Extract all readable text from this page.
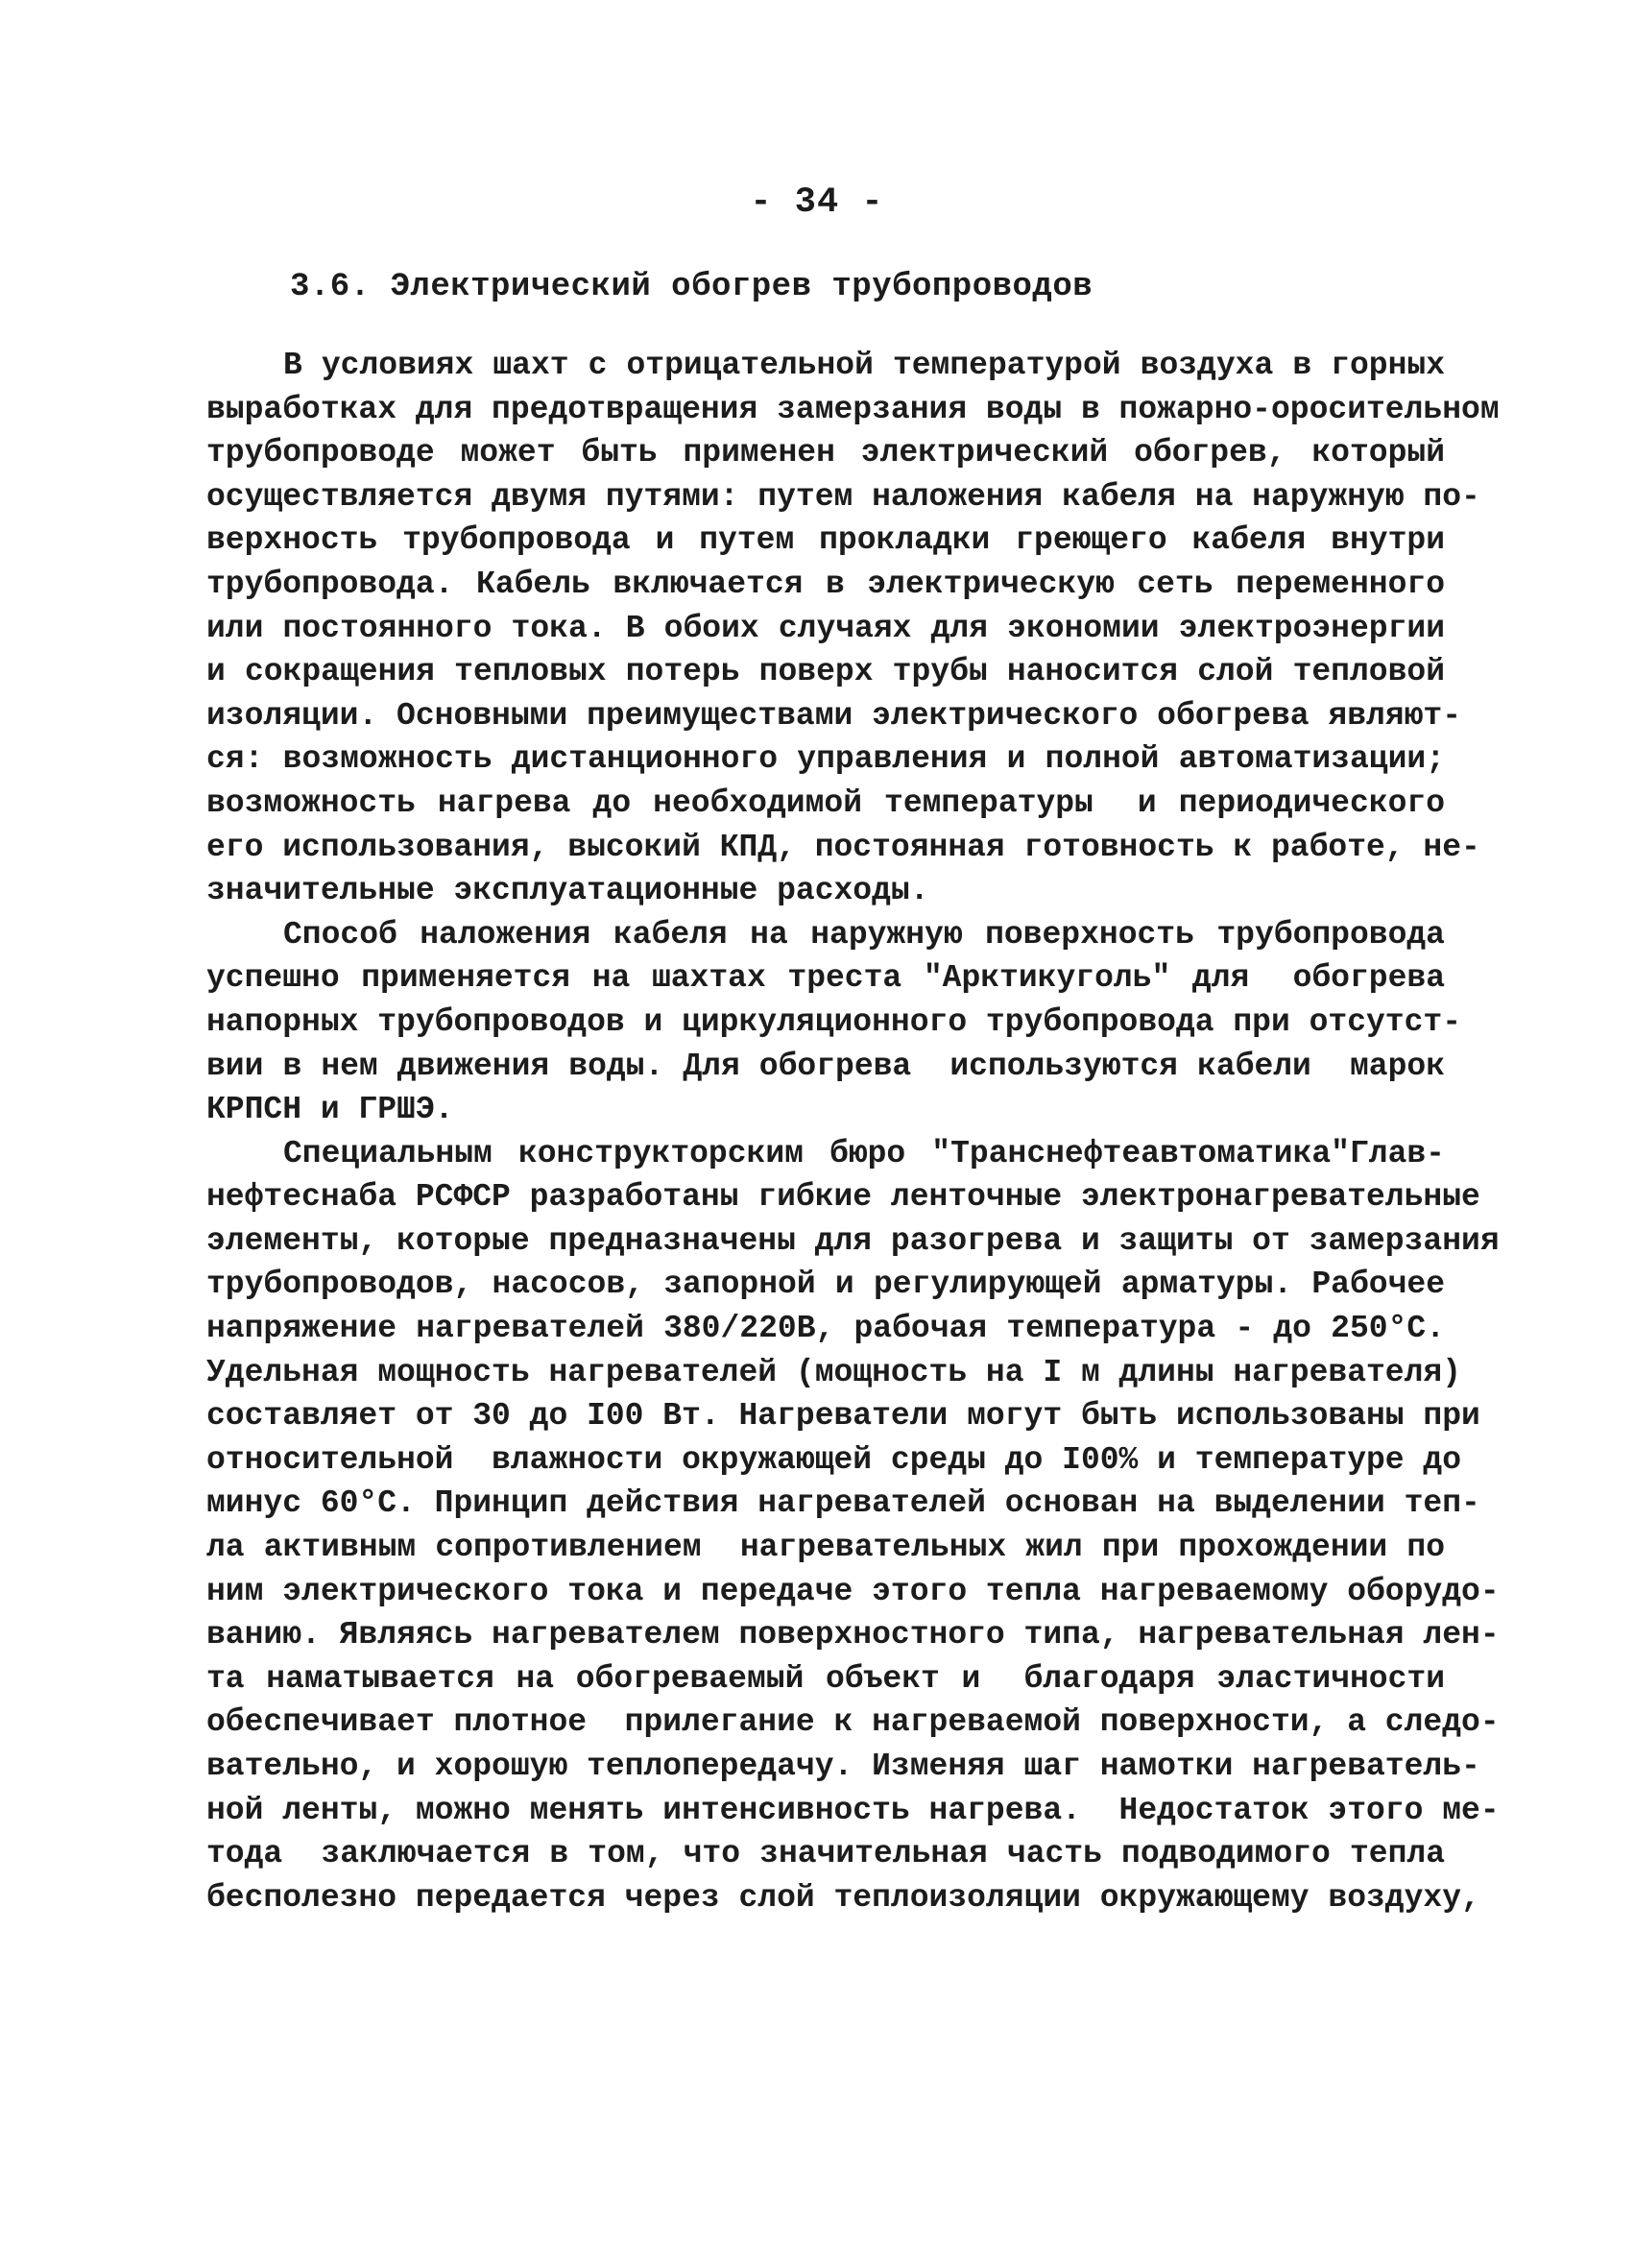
- 34 -
3.6. Электрический обогрев трубопроводов
В условиях шахт с отрицательной температурой воздуха в горных
выработках для предотвращения замерзания воды в пожарно-оросительном
трубопроводе может быть применен электрический обогрев, который
осуществляется двумя путями: путем наложения кабеля на наружную по-
верхность трубопровода и путем прокладки греющего кабеля внутри
трубопровода. Кабель включается в электрическую сеть переменного
или постоянного тока. В обоих случаях для экономии электроэнергии
и сокращения тепловых потерь поверх трубы наносится слой тепловой
изоляции. Основными преимуществами электрического обогрева являют-
ся: возможность дистанционного управления и полной автоматизации;
возможность нагрева до необходимой температуры  и периодического
его использования, высокий КПД, постоянная готовность к работе, не-
значительные эксплуатационные расходы.
Способ наложения кабеля на наружную поверхность трубопровода
успешно применяется на шахтах треста "Арктикуголь" для  обогрева
напорных трубопроводов и циркуляционного трубопровода при отсутст-
вии в нем движения воды. Для обогрева  используются кабели  марок
КРПСН и ГРШЭ.
Специальным конструкторским бюро "Транснефтеавтоматика"Глав-
нефтеснаба РСФСР разработаны гибкие ленточные электронагревательные
элементы, которые предназначены для разогрева и защиты от замерзания
трубопроводов, насосов, запорной и регулирующей арматуры. Рабочее
напряжение нагревателей 380/220В, рабочая температура - до 250°С.
Удельная мощность нагревателей (мощность на I м длины нагревателя)
составляет от 30 до I00 Вт. Нагреватели могут быть использованы при
относительной  влажности окружающей среды до I00% и температуре до
минус 60°С. Принцип действия нагревателей основан на выделении теп-
ла активным сопротивлением  нагревательных жил при прохождении по
ним электрического тока и передаче этого тепла нагреваемому оборудо-
ванию. Являясь нагревателем поверхностного типа, нагревательная лен-
та наматывается на обогреваемый объект и  благодаря эластичности
обеспечивает плотное  прилегание к нагреваемой поверхности, а следо-
вательно, и хорошую теплопередачу. Изменяя шаг намотки нагреватель-
ной ленты, можно менять интенсивность нагрева.  Недостаток этого ме-
тода  заключается в том, что значительная часть подводимого тепла
бесполезно передается через слой теплоизоляции окружающему воздуху,
